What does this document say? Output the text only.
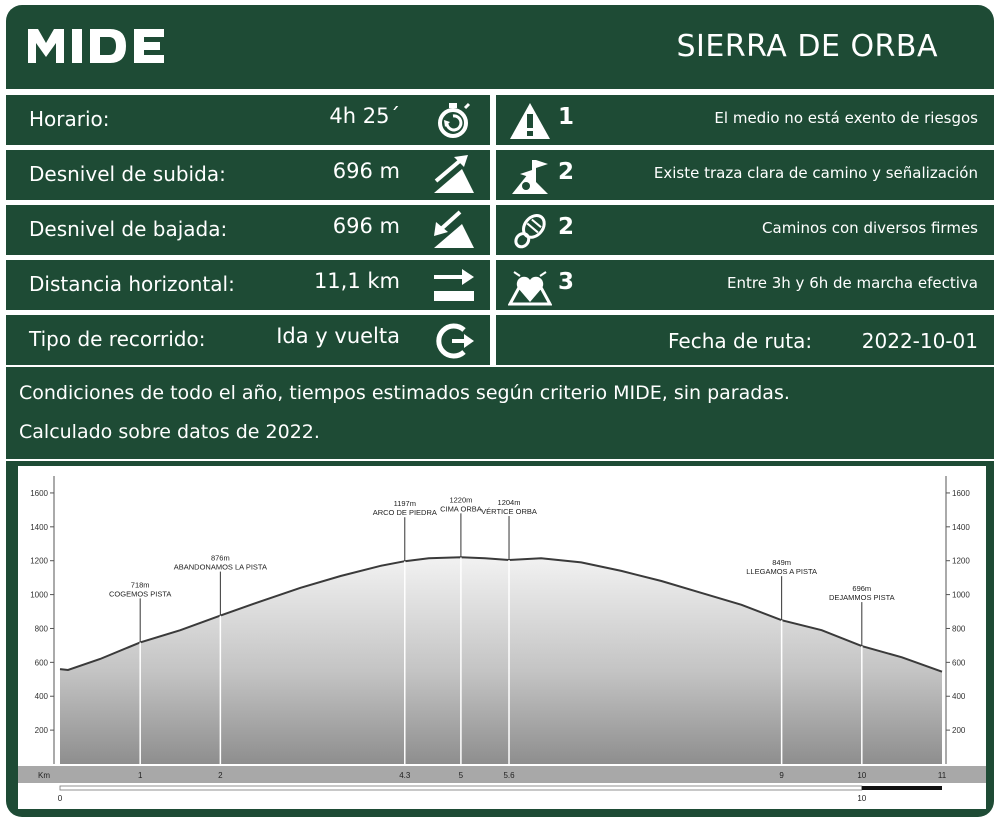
SIERRA DE ORBA
Horario:	4h 25´
Desnivel de subida:	696 m
Desnivel de bajada:	696 m
Distancia horizontal:	11,1 km
Tipo de recorrido:	Ida y vuelta
1	El medio no está exento de riesgos
2	Existe traza clara de camino y señalización
2	Caminos con diversos firmes
3	Entre 3h y 6h de marcha efectiva
Fecha de ruta: 2022-10-01
Condiciones de todo el año, tiempos estimados según criterio MIDE, sin paradas.
Calculado sobre datos de 2022.
200	200
400	400
600	600
800	800
1000	1000
1200	1200
1400	1400
1600	1600
718m
COGEMOS PISTA
876m
ABANDONAMOS LA PISTA
1197m
ARCO DE PIEDRA
1220m
CIMA ORBA
1204m
VÉRTICE ORBA
849m
LLEGAMOS A PISTA
696m
DEJAMMOS PISTA
Km	1	2	4.3	5	5.6	9	10	11
0	10
